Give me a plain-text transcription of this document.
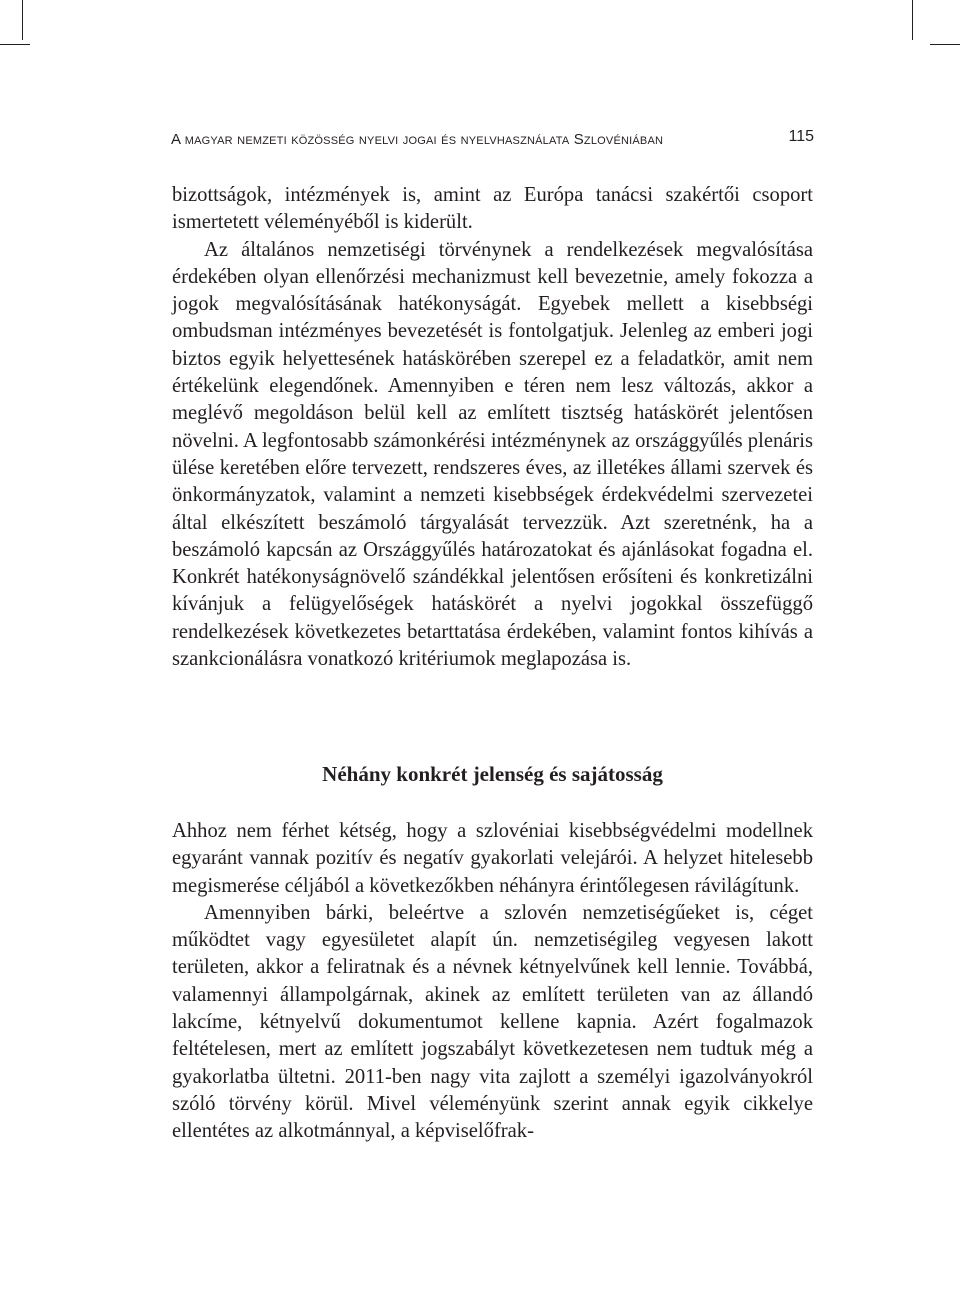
A magyar nemzeti közösség nyelvi jogai és nyelvhasználata Szlovéniában	115

bizottságok, intézmények is, amint az Európa tanácsi szakértői csoport ismertetett véleményéből is kiderült.

Az általános nemzetiségi törvénynek a rendelkezések megvalósítása érdekében olyan ellenőrzési mechanizmust kell bevezetnie, amely fokozza a jogok megvalósításának hatékonyságát. Egyebek mellett a kisebbségi ombudsman intézményes bevezetését is fontolgatjuk. Jelenleg az emberi jogi biztos egyik helyettesének hatáskörében szerepel ez a feladatkör, amit nem értékelünk elegendőnek. Amennyiben e téren nem lesz változás, akkor a meglévő megoldáson belül kell az említett tisztség hatáskörét jelentősen növelni. A legfontosabb számonkérési intézménynek az országgyűlés plenáris ülése keretében előre tervezett, rendszeres éves, az illetékes állami szervek és önkormányzatok, valamint a nemzeti kisebbségek érdekvédelmi szervezetei által elkészített beszámoló tárgyalását tervezzük. Azt szeretnénk, ha a beszámoló kapcsán az Országgyűlés határozatokat és ajánlásokat fogadna el. Konkrét hatékonyságnövelő szándékkal jelentősen erősíteni és konkretizálni kívánjuk a felügyelőségek hatáskörét a nyelvi jogokkal összefüggő rendelkezések következetes betarttatása érdekében, valamint fontos kihívás a szankcionálásra vonatkozó kritériumok meglapozása is.

Néhány konkrét jelenség és sajátosság

Ahhoz nem férhet kétség, hogy a szlovéniai kisebbségvédelmi modellnek egyaránt vannak pozitív és negatív gyakorlati velejárói. A helyzet hitelesebb megismerése céljából a következőkben néhányra érintőlegesen rávilágítunk.

Amennyiben bárki, beleértve a szlovén nemzetiségűeket is, céget működtet vagy egyesületet alapít ún. nemzetiségileg vegyesen lakott területen, akkor a feliratnak és a névnek kétnyelvűnek kell lennie. Továbbá, valamennyi állampolgárnak, akinek az említett területen van az állandó lakcíme, kétnyelvű dokumentumot kellene kapnia. Azért fogalmazok feltételesen, mert az említett jogszabályt következetesen nem tudtuk még a gyakorlatba ültetni. 2011-ben nagy vita zajlott a személyi igazolványokról szóló törvény körül. Mivel véleményünk szerint annak egyik cikkelye ellentétes az alkotmánnyal, a képviselőfrak-
